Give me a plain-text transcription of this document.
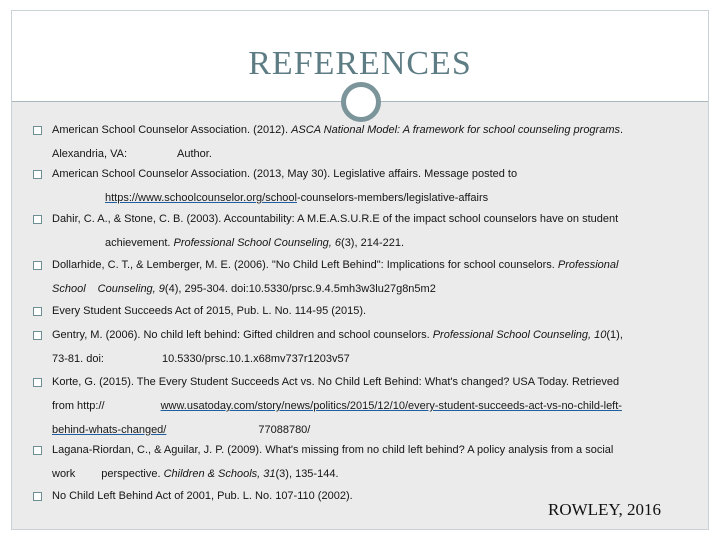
REFERENCES
American School Counselor Association. (2012). ASCA National Model: A framework for school counseling programs.
Alexandria, VA:	Author.
American School Counselor Association. (2013, May 30). Legislative affairs. Message posted to
https://www.schoolcounselor.org/school-counselors-members/legislative-affairs
Dahir, C. A., & Stone, C. B. (2003). Accountability: A M.E.A.S.U.R.E of the impact school counselors have on student
achievement. Professional School Counseling, 6(3), 214-221.
Dollarhide, C. T., & Lemberger, M. E. (2006). "No Child Left Behind": Implications for school counselors. Professional
School Counseling, 9(4), 295-304. doi:10.5330/prsc.9.4.5mh3w3lu27g8n5m2
Every Student Succeeds Act of 2015, Pub. L. No. 114-95 (2015).
Gentry, M. (2006). No child left behind: Gifted children and school counselors. Professional School Counseling, 10(1),
73-81. doi:	10.5330/prsc.10.1.x68mv737r1203v57
Korte, G. (2015). The Every Student Succeeds Act vs. No Child Left Behind: What's changed? USA Today. Retrieved
from http://	www.usatoday.com/story/news/politics/2015/12/10/every-student-succeeds-act-vs-no-child-left-
behind-whats-changed/	77088780/
Lagana-Riordan, C., & Aguilar, J. P. (2009). What's missing from no child left behind? A policy analysis from a social
work perspective. Children & Schools, 31(3), 135-144.
No Child Left Behind Act of 2001, Pub. L. No. 107-110 (2002).
ROWLEY, 2016
